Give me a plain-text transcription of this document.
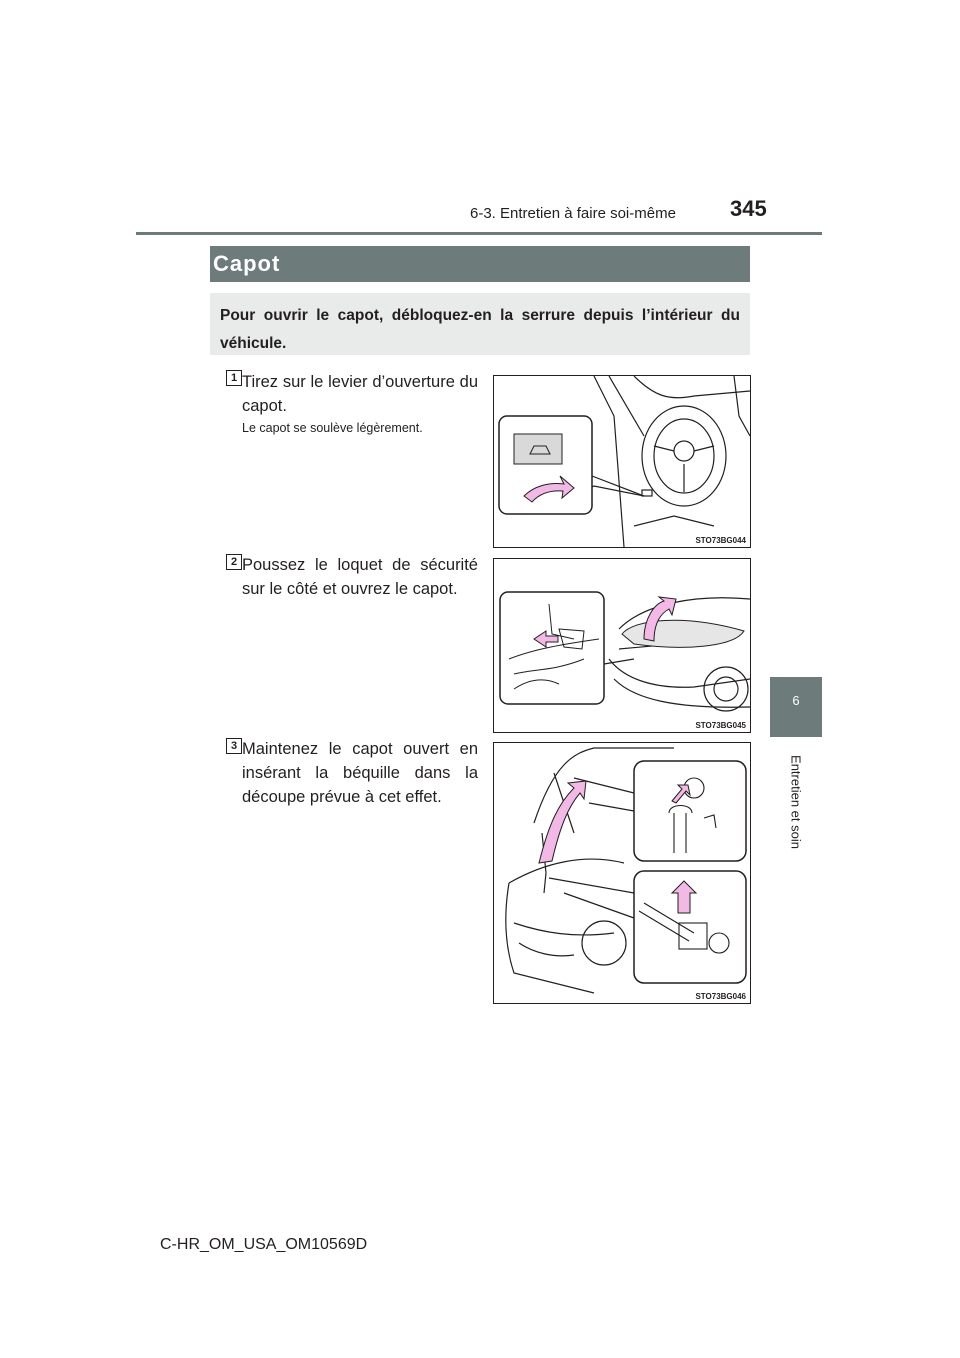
6-3. Entretien à faire soi-même 345
6
Entretien et soin
Capot
Pour ouvrir le capot, débloquez-en la serrure depuis l’intérieur du véhicule.
1 Tirez sur le levier d’ouverture du capot.
Le capot se soulève légèrement.
STO73BG044
2 Poussez le loquet de sécurité sur le côté et ouvrez le capot.
STO73BG045
3 Maintenez le capot ouvert en insérant la béquille dans la découpe prévue à cet effet.
STO73BG046
C-HR_OM_USA_OM10569D
